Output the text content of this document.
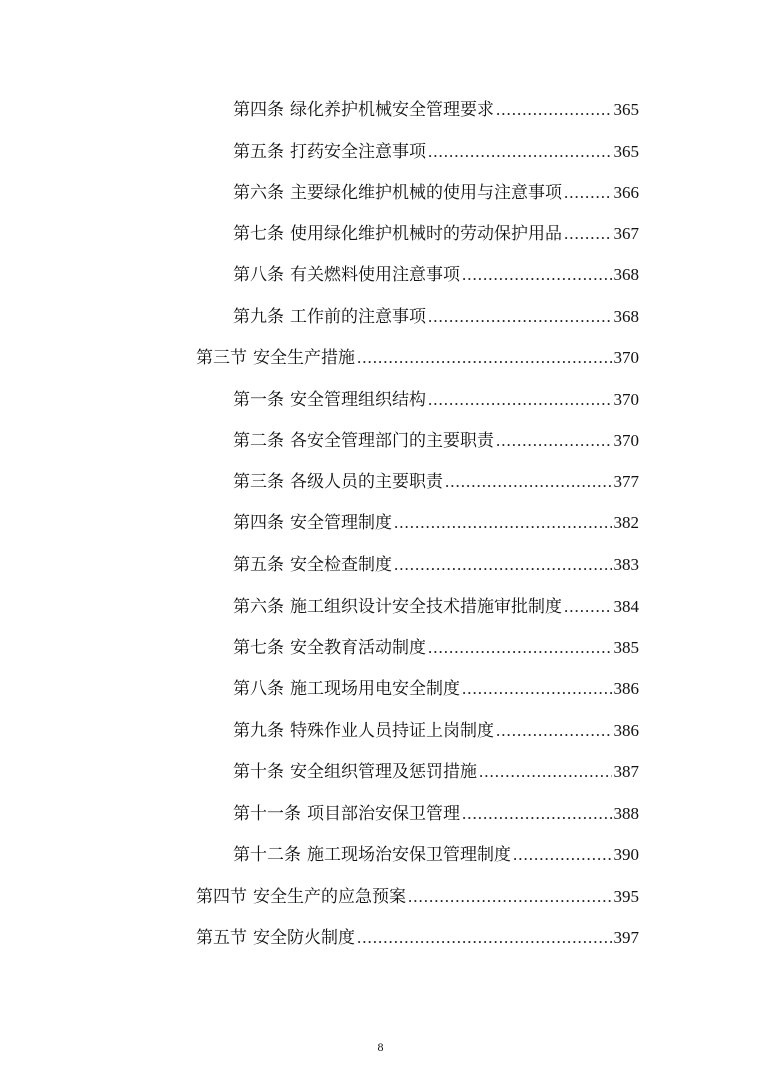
第四条 绿化养护机械安全管理要求 .....	365
第五条 打药安全注意事项 .....	365
第六条 主要绿化维护机械的使用与注意事项 .....	366
第七条 使用绿化维护机械时的劳动保护用品 .....	367
第八条 有关燃料使用注意事项 .....	368
第九条 工作前的注意事项 .....	368
第三节 安全生产措施 .....	370
第一条 安全管理组织结构 .....	370
第二条 各安全管理部门的主要职责 .....	370
第三条 各级人员的主要职责 .....	377
第四条 安全管理制度 .....	382
第五条 安全检查制度 .....	383
第六条 施工组织设计安全技术措施审批制度 .....	384
第七条 安全教育活动制度 .....	385
第八条 施工现场用电安全制度 .....	386
第九条 特殊作业人员持证上岗制度 .....	386
第十条 安全组织管理及惩罚措施 .....	387
第十一条 项目部治安保卫管理 .....	388
第十二条 施工现场治安保卫管理制度 .....	390
第四节 安全生产的应急预案 .....	395
第五节 安全防火制度 .....	397
8
